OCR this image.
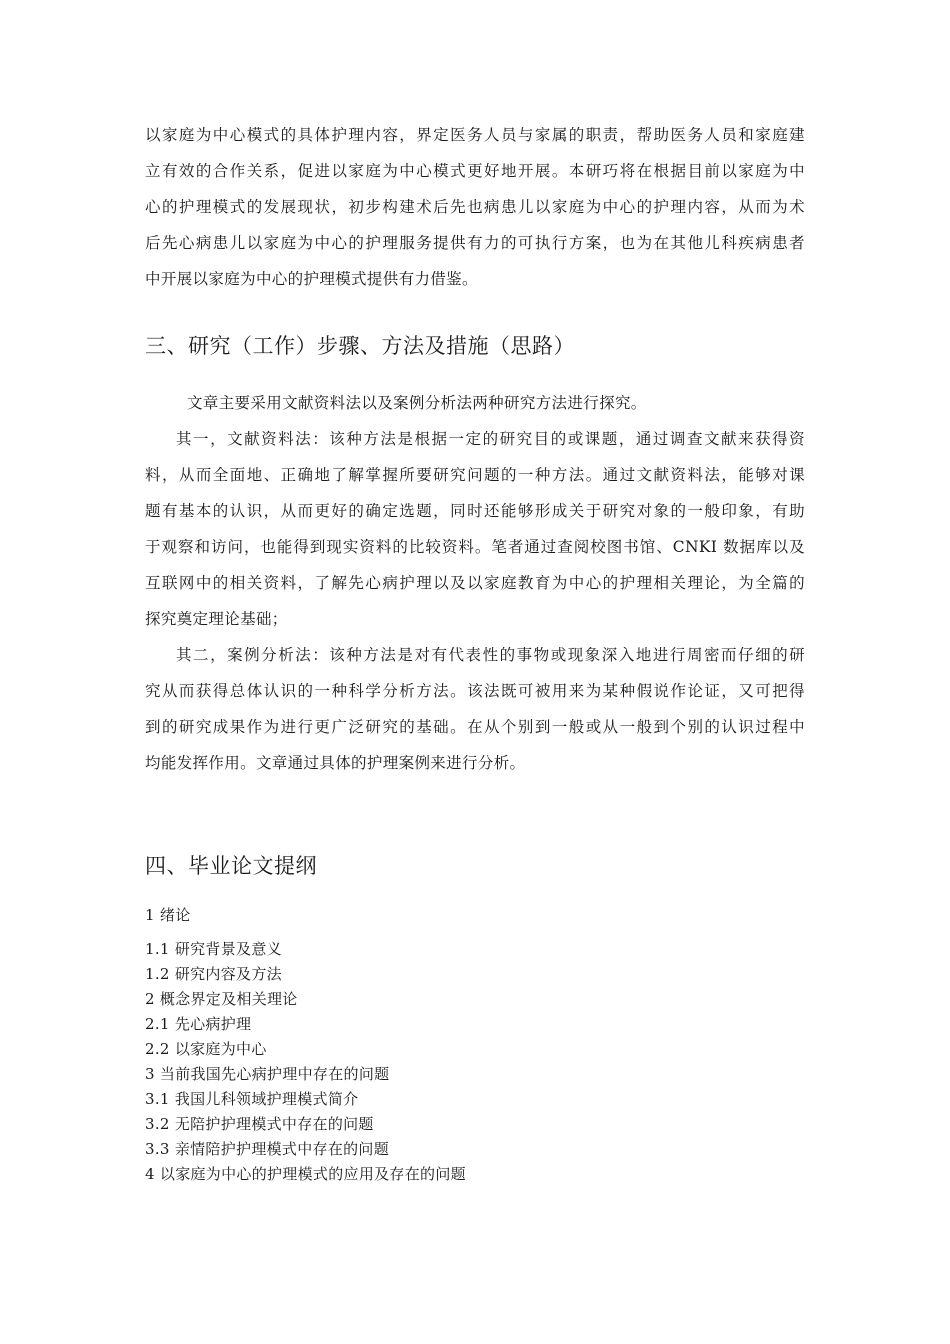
以家庭为中心模式的具体护理内容，界定医务人员与家属的职责，帮助医务人员和家庭建
立有效的合作关系，促进以家庭为中心模式更好地开展。本研巧将在根据目前以家庭为中
心的护理模式的发展现状，初步构建术后先也病患儿以家庭为中心的护理内容，从而为术
后先心病患儿以家庭为中心的护理服务提供有力的可执行方案，也为在其他儿科疾病患者
中开展以家庭为中心的护理模式提供有力借鉴。

三、研究（工作）步骤、方法及措施（思路）

文章主要采用文献资料法以及案例分析法两种研究方法进行探究。

其一，文献资料法：该种方法是根据一定的研究目的或课题，通过调查文献来获得资
料，从而全面地、正确地了解掌握所要研究问题的一种方法。通过文献资料法，能够对课
题有基本的认识，从而更好的确定选题，同时还能够形成关于研究对象的一般印象，有助
于观察和访问，也能得到现实资料的比较资料。笔者通过查阅校图书馆、CNKI 数据库以及
互联网中的相关资料，了解先心病护理以及以家庭教育为中心的护理相关理论，为全篇的
探究奠定理论基础；

其二，案例分析法：该种方法是对有代表性的事物或现象深入地进行周密而仔细的研
究从而获得总体认识的一种科学分析方法。该法既可被用来为某种假说作论证，又可把得
到的研究成果作为进行更广泛研究的基础。在从个别到一般或从一般到个别的认识过程中
均能发挥作用。文章通过具体的护理案例来进行分析。

四、毕业论文提纲
1 绪论
1.1 研究背景及意义
1.2 研究内容及方法
2 概念界定及相关理论
2.1 先心病护理
2.2 以家庭为中心
3 当前我国先心病护理中存在的问题
3.1 我国儿科领域护理模式简介
3.2 无陪护护理模式中存在的问题
3.3 亲情陪护护理模式中存在的问题
4 以家庭为中心的护理模式的应用及存在的问题
